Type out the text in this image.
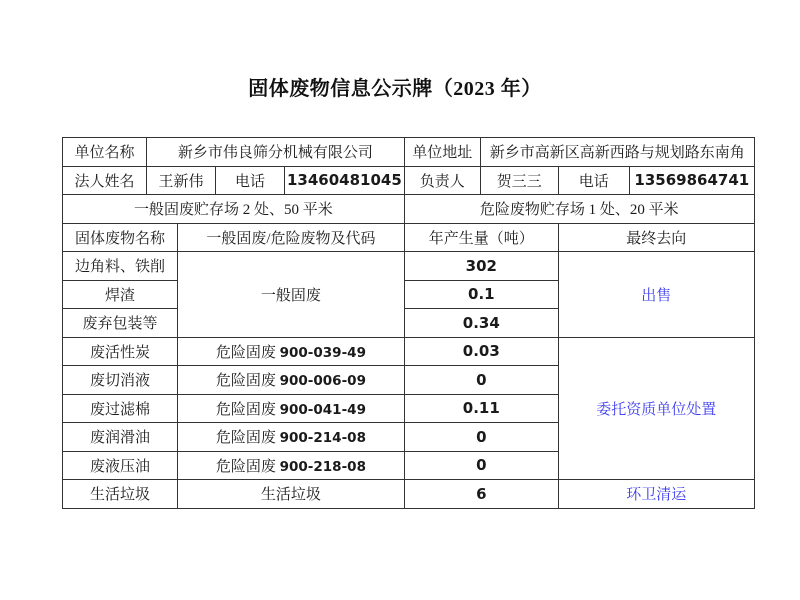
固体废物信息公示牌（2023 年）
单位名称	新乡市伟良筛分机械有限公司				单位地址	新乡市高新区高新西路与规划路东南角		
法人姓名	王新伟		电话	13460481045	负责人	贺三三	电话	13569864741
一般固废贮存场 2 处、50 平米					危险废物贮存场 1 处、20 平米			
固体废物名称		一般固废/危险废物及代码			年产生量（吨）		最终去向	
边角料、铁削		一般固废			302		出售	
焊渣					0.1			
废弃包装等					0.34			
废活性炭		危险固废 900-039-49			0.03		委托资质单位处置	
废切消液		危险固废 900-006-09			0			
废过滤棉		危险固废 900-041-49			0.11			
废润滑油		危险固废 900-214-08			0			
废液压油		危险固废 900-218-08			0			
生活垃圾		生活垃圾			6		环卫清运	
